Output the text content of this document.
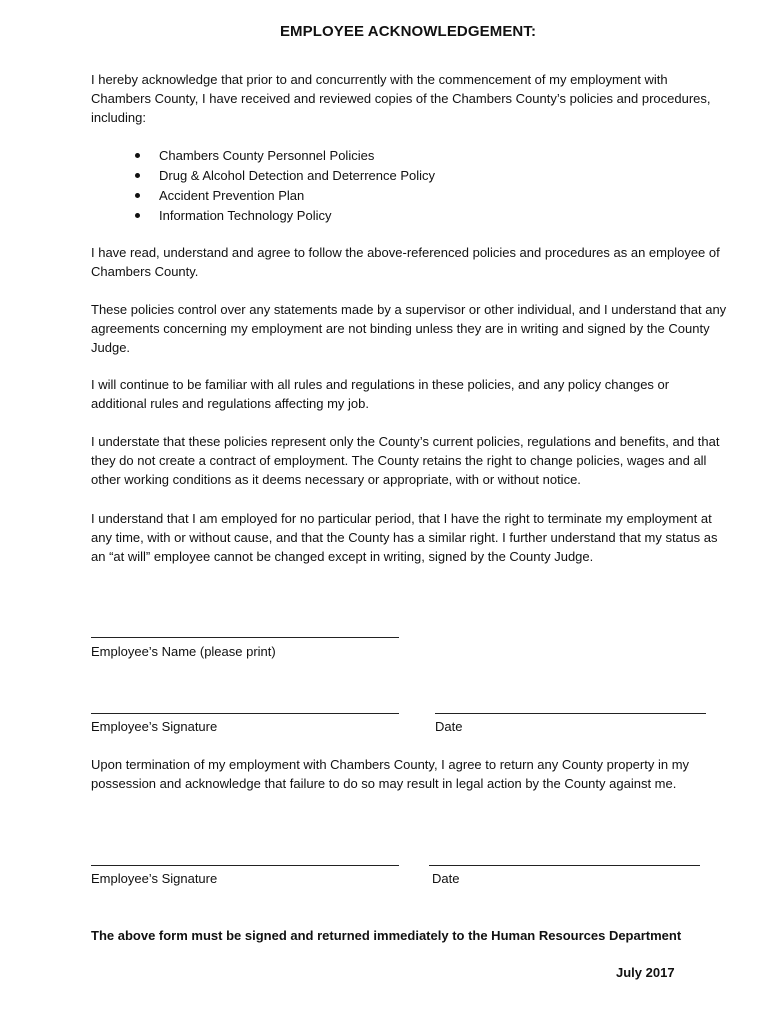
EMPLOYEE ACKNOWLEDGEMENT:
I hereby acknowledge that prior to and concurrently with the commencement of my employment with Chambers County, I have received and reviewed copies of the Chambers County’s policies and procedures, including:
Chambers County Personnel Policies
Drug & Alcohol Detection and Deterrence Policy
Accident Prevention Plan
Information Technology Policy
I have read, understand and agree to follow the above-referenced policies and procedures as an employee of Chambers County.
These policies control over any statements made by a supervisor or other individual, and I understand that any agreements concerning my employment are not binding unless they are in writing and signed by the County Judge.
I will continue to be familiar with all rules and regulations in these policies, and any policy changes or additional rules and regulations affecting my job.
I understate that these policies represent only the County’s current policies, regulations and benefits, and that they do not create a contract of employment. The County retains the right to change policies, wages and all other working conditions as it deems necessary or appropriate, with or without notice.
I understand that I am employed for no particular period, that I have the right to terminate my employment at any time, with or without cause, and that the County has a similar right. I further understand that my status as an “at will” employee cannot be changed except in writing, signed by the County Judge.
Employee’s Name (please print)
Employee’s Signature	Date
Upon termination of my employment with Chambers County, I agree to return any County property in my possession and acknowledge that failure to do so may result in legal action by the County against me.
Employee’s Signature	Date
The above form must be signed and returned immediately to the Human Resources Department
July 2017
